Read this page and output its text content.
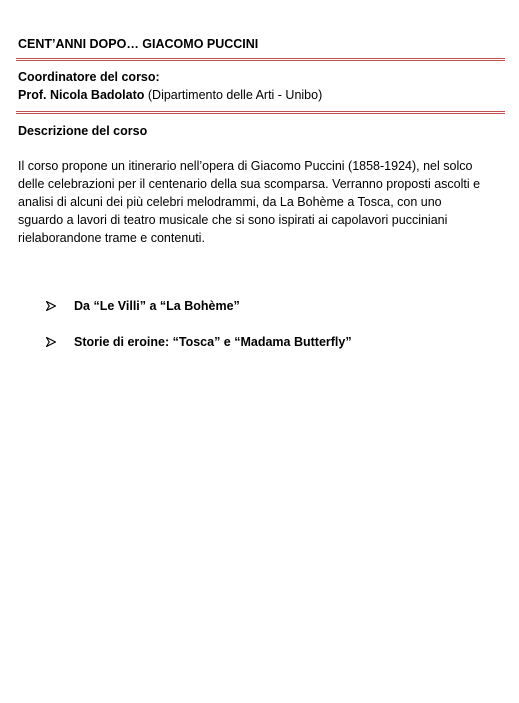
CENT’ANNI DOPO… GIACOMO PUCCINI
Coordinatore del corso:
Prof. Nicola Badolato (Dipartimento delle Arti - Unibo)
Descrizione del corso
Il corso propone un itinerario nell’opera di Giacomo Puccini (1858-1924), nel solco
delle celebrazioni per il centenario della sua scomparsa. Verranno proposti ascolti e
analisi di alcuni dei più celebri melodrammi, da La Bohème a Tosca, con uno
sguardo a lavori di teatro musicale che si sono ispirati ai capolavori pucciniani
rielaborandone trame e contenuti.
Da “Le Villi” a “La Bohème”
Storie di eroine: “Tosca” e “Madama Butterfly”
